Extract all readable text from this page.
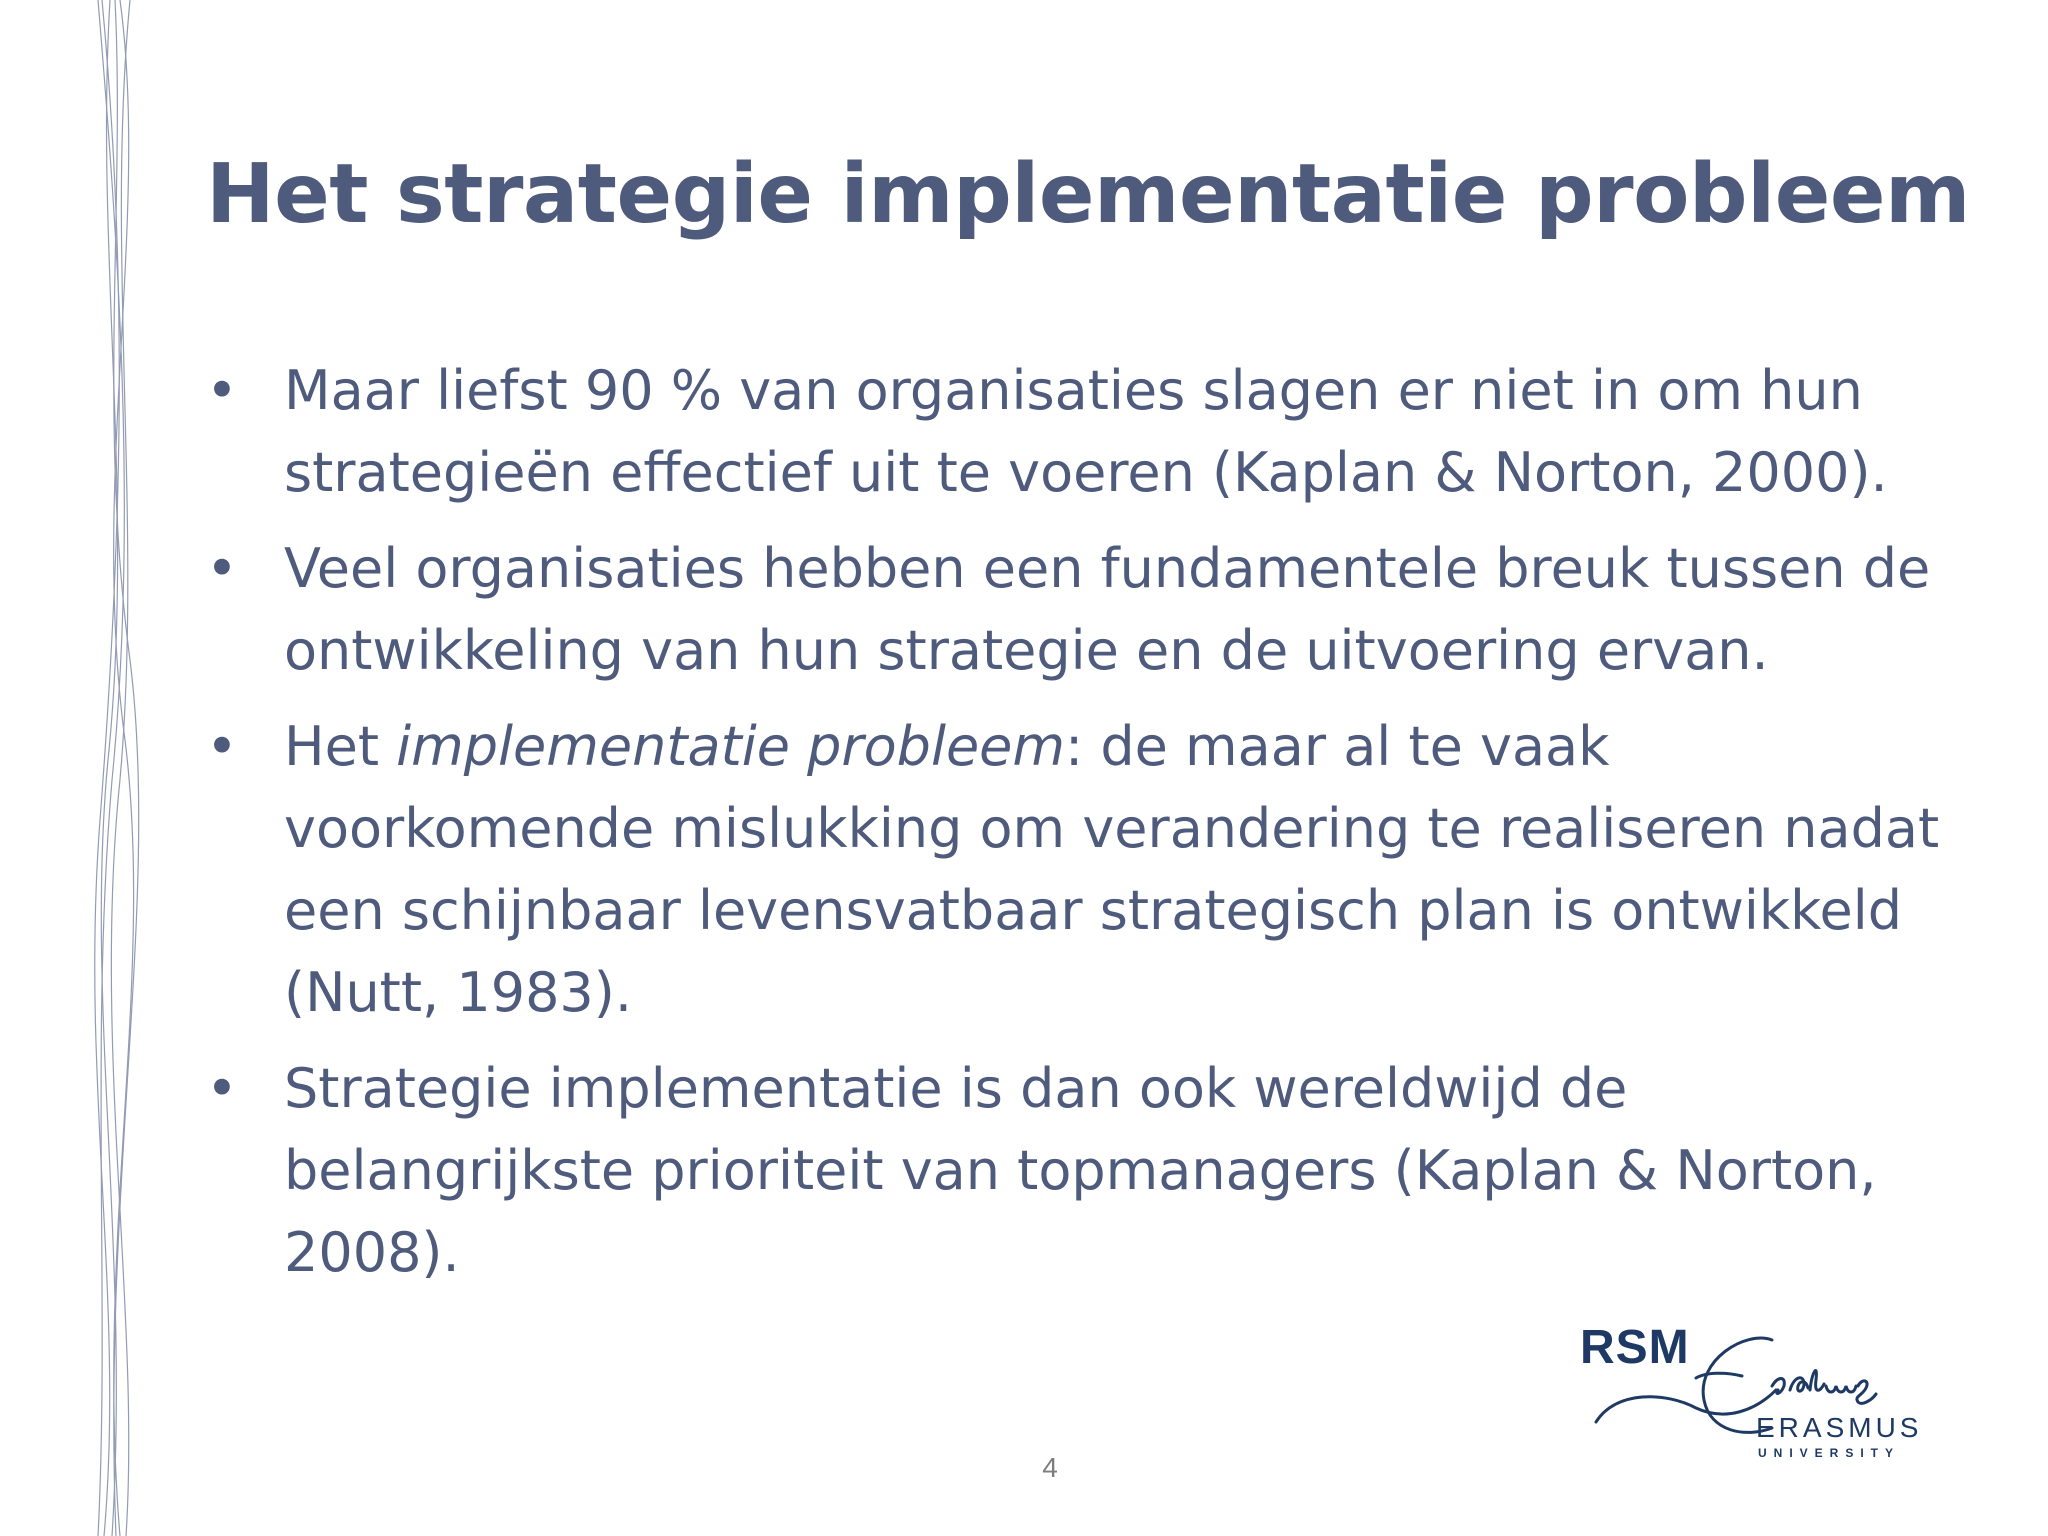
Het strategie implementatie probleem
• Maar liefst 90 % van organisaties slagen er niet in om hun strategieën effectief uit te voeren (Kaplan & Norton, 2000).
• Veel organisaties hebben een fundamentele breuk tussen de ontwikkeling van hun strategie en de uitvoering ervan.
• Het implementatie probleem: de maar al te vaak voorkomende mislukking om verandering te realiseren nadat een schijnbaar levensvatbaar strategisch plan is ontwikkeld (Nutt, 1983).
• Strategie implementatie is dan ook wereldwijd de belangrijkste prioriteit van topmanagers (Kaplan & Norton, 2008).
4
RSM
ERASMUS
UNIVERSITY
